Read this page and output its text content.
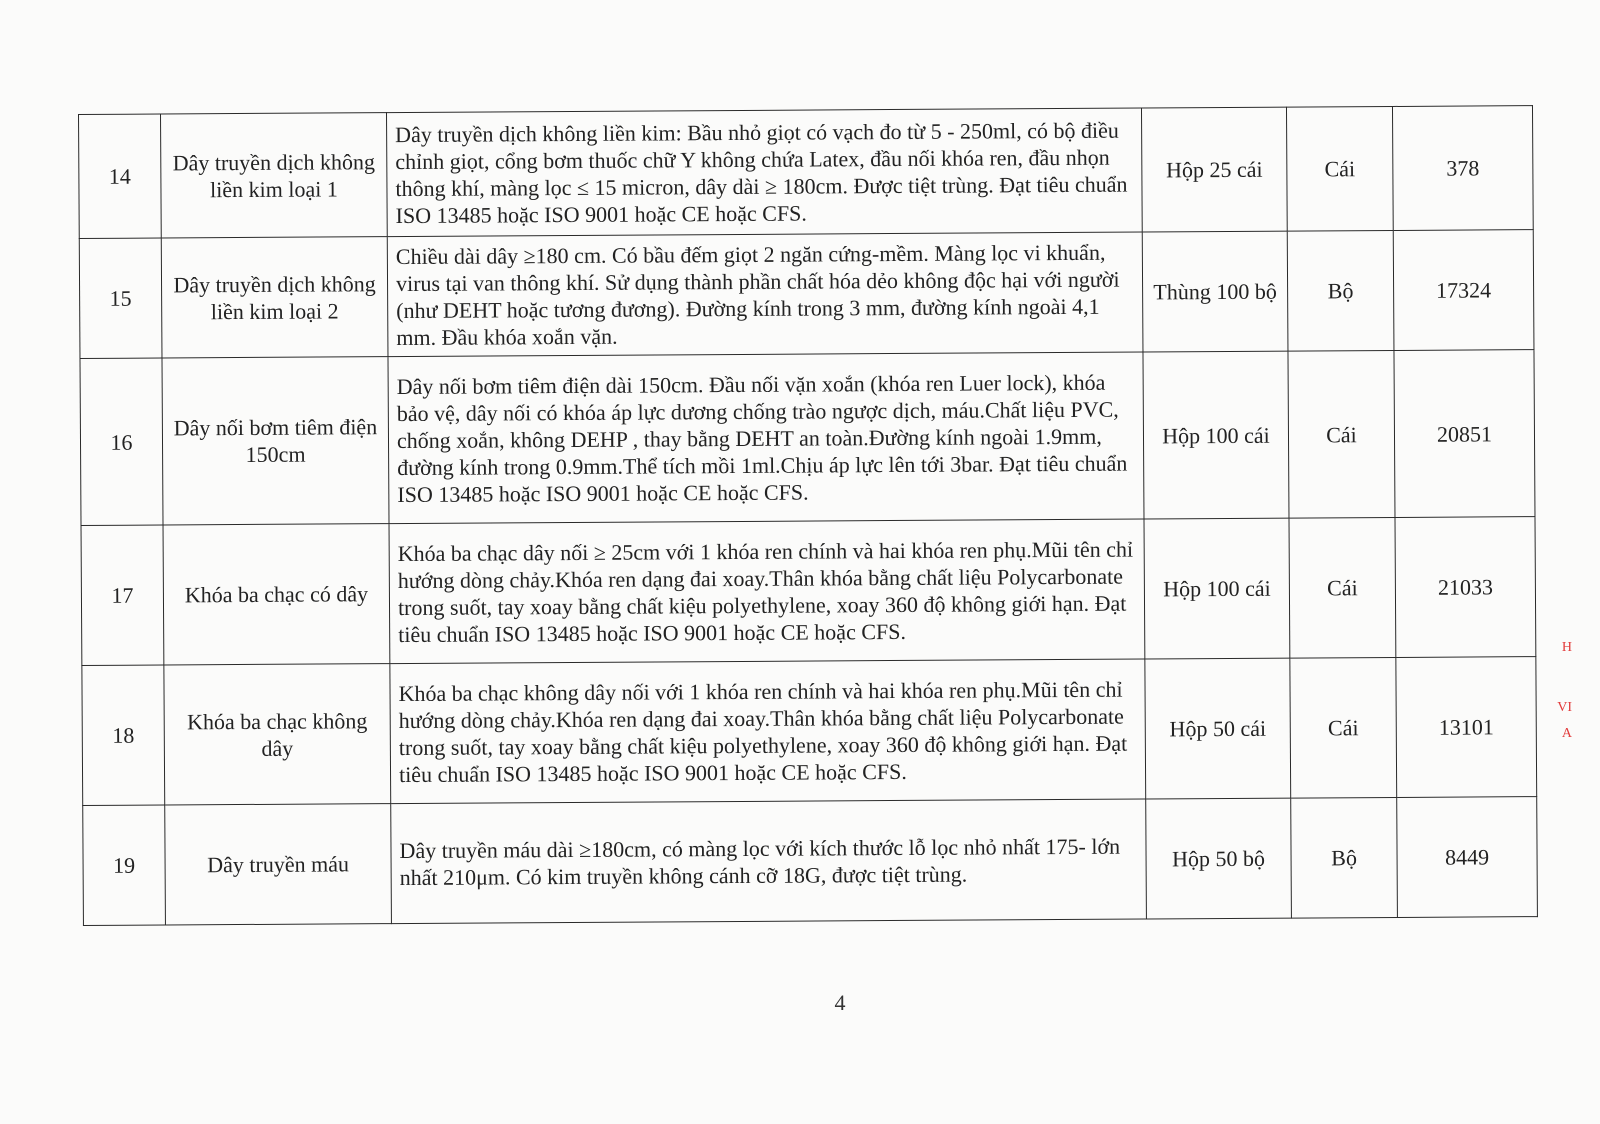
14	Dây truyền dịch không liền kim loại 1	Dây truyền dịch không liền kim: Bầu nhỏ giọt có vạch đo từ 5 - 250ml, có bộ điều chỉnh giọt, cổng bơm thuốc chữ Y không chứa Latex, đầu nối khóa ren, đầu nhọn thông khí, màng lọc ≤ 15 micron, dây dài ≥ 180cm. Được tiệt trùng. Đạt tiêu chuẩn ISO 13485 hoặc ISO 9001 hoặc CE hoặc CFS.	Hộp 25 cái	Cái	378
15	Dây truyền dịch không liền kim loại 2	Chiều dài dây ≥180 cm. Có bầu đếm giọt 2 ngăn cứng-mềm. Màng lọc vi khuẩn, virus tại van thông khí. Sử dụng thành phần chất hóa dẻo không độc hại với người (như DEHT hoặc tương đương). Đường kính trong 3 mm, đường kính ngoài 4,1 mm. Đầu khóa xoắn vặn.	Thùng 100 bộ	Bộ	17324
16	Dây nối bơm tiêm điện 150cm	Dây nối bơm tiêm điện dài 150cm. Đầu nối vặn xoắn (khóa ren Luer lock), khóa bảo vệ, dây nối có khóa áp lực dương chống trào ngược dịch, máu.Chất liệu PVC, chống xoắn, không DEHP , thay bằng DEHT an toàn.Đường kính ngoài 1.9mm, đường kính trong 0.9mm.Thể tích mồi 1ml.Chịu áp lực lên tới 3bar. Đạt tiêu chuẩn ISO 13485 hoặc ISO 9001 hoặc CE hoặc CFS.	Hộp 100 cái	Cái	20851
17	Khóa ba chạc có dây	Khóa ba chạc dây nối ≥ 25cm với 1 khóa ren chính và hai khóa ren phụ.Mũi tên chỉ hướng dòng chảy.Khóa ren dạng đai xoay.Thân khóa bằng chất liệu Polycarbonate trong suốt, tay xoay bằng chất kiệu polyethylene, xoay 360 độ không giới hạn. Đạt tiêu chuẩn ISO 13485 hoặc ISO 9001 hoặc CE hoặc CFS.	Hộp 100 cái	Cái	21033
18	Khóa ba chạc không dây	Khóa ba chạc không dây nối với 1 khóa ren chính và hai khóa ren phụ.Mũi tên chỉ hướng dòng chảy.Khóa ren dạng đai xoay.Thân khóa bằng chất liệu Polycarbonate trong suốt, tay xoay bằng chất kiệu polyethylene, xoay 360 độ không giới hạn. Đạt tiêu chuẩn ISO 13485 hoặc ISO 9001 hoặc CE hoặc CFS.	Hộp 50 cái	Cái	13101
19	Dây truyền máu	Dây truyền máu dài ≥180cm, có màng lọc với kích thước lỗ lọc nhỏ nhất 175- lớn nhất 210μm. Có kim truyền không cánh cỡ 18G, được tiệt trùng.	Hộp 50 bộ	Bộ	8449
4
H
VI
A
